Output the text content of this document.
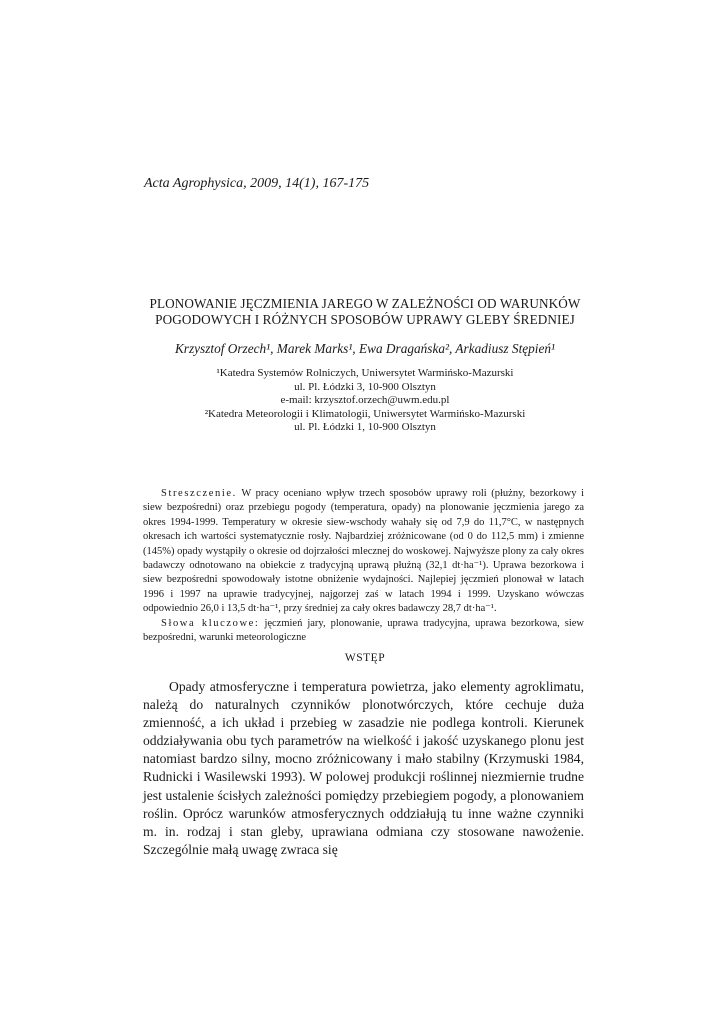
Acta Agrophysica, 2009, 14(1), 167-175
PLONOWANIE JĘCZMIENIA JAREGO W ZALEŻNOŚCI OD WARUNKÓW
POGODOWYCH I RÓŻNYCH SPOSOBÓW UPRAWY GLEBY ŚREDNIEJ
Krzysztof Orzech¹, Marek Marks¹, Ewa Dragańska², Arkadiusz Stępień¹
¹Katedra Systemów Rolniczych, Uniwersytet Warmińsko-Mazurski
ul. Pl. Łódzki 3, 10-900 Olsztyn
e-mail: krzysztof.orzech@uwm.edu.pl
²Katedra Meteorologii i Klimatologii, Uniwersytet Warmińsko-Mazurski
ul. Pl. Łódzki 1, 10-900 Olsztyn

Streszczenie. W pracy oceniano wpływ trzech sposobów uprawy roli (płużny, bezorkowy i siew bezpośredni) oraz przebiegu pogody (temperatura, opady) na plonowanie jęczmienia jarego za okres 1994-1999. Temperatury w okresie siew-wschody wahały się od 7,9 do 11,7°C, w następnych okresach ich wartości systematycznie rosły. Najbardziej zróżnicowane (od 0 do 112,5 mm) i zmienne (145%) opady wystąpiły o okresie od dojrzałości mlecznej do woskowej. Najwyższe plony za cały okres badawczy odnotowano na obiekcie z tradycyjną uprawą płużną (32,1 dt·ha⁻¹). Uprawa bezorkowa i siew bezpośredni spowodowały istotne obniżenie wydajności. Najlepiej jęczmień plonował w latach 1996 i 1997 na uprawie tradycyjnej, najgorzej zaś w latach 1994 i 1999. Uzyskano wówczas odpowiednio 26,0 i 13,5 dt·ha⁻¹, przy średniej za cały okres badawczy 28,7 dt·ha⁻¹.

Słowa kluczowe: jęczmień jary, plonowanie, uprawa tradycyjna, uprawa bezorkowa, siew bezpośredni, warunki meteorologiczne

WSTĘP

Opady atmosferyczne i temperatura powietrza, jako elementy agroklimatu, należą do naturalnych czynników plonotwórczych, które cechuje duża zmienność, a ich układ i przebieg w zasadzie nie podlega kontroli. Kierunek oddziaływania obu tych parametrów na wielkość i jakość uzyskanego plonu jest natomiast bardzo silny, mocno zróżnicowany i mało stabilny (Krzymuski 1984, Rudnicki i Wasilewski 1993). W polowej produkcji roślinnej niezmiernie trudne jest ustalenie ścisłych zależności pomiędzy przebiegiem pogody, a plonowaniem roślin. Oprócz warunków atmosferycznych oddziałują tu inne ważne czynniki m. in. rodzaj i stan gleby, uprawiana odmiana czy stosowane nawożenie. Szczególnie małą uwagę zwraca się
